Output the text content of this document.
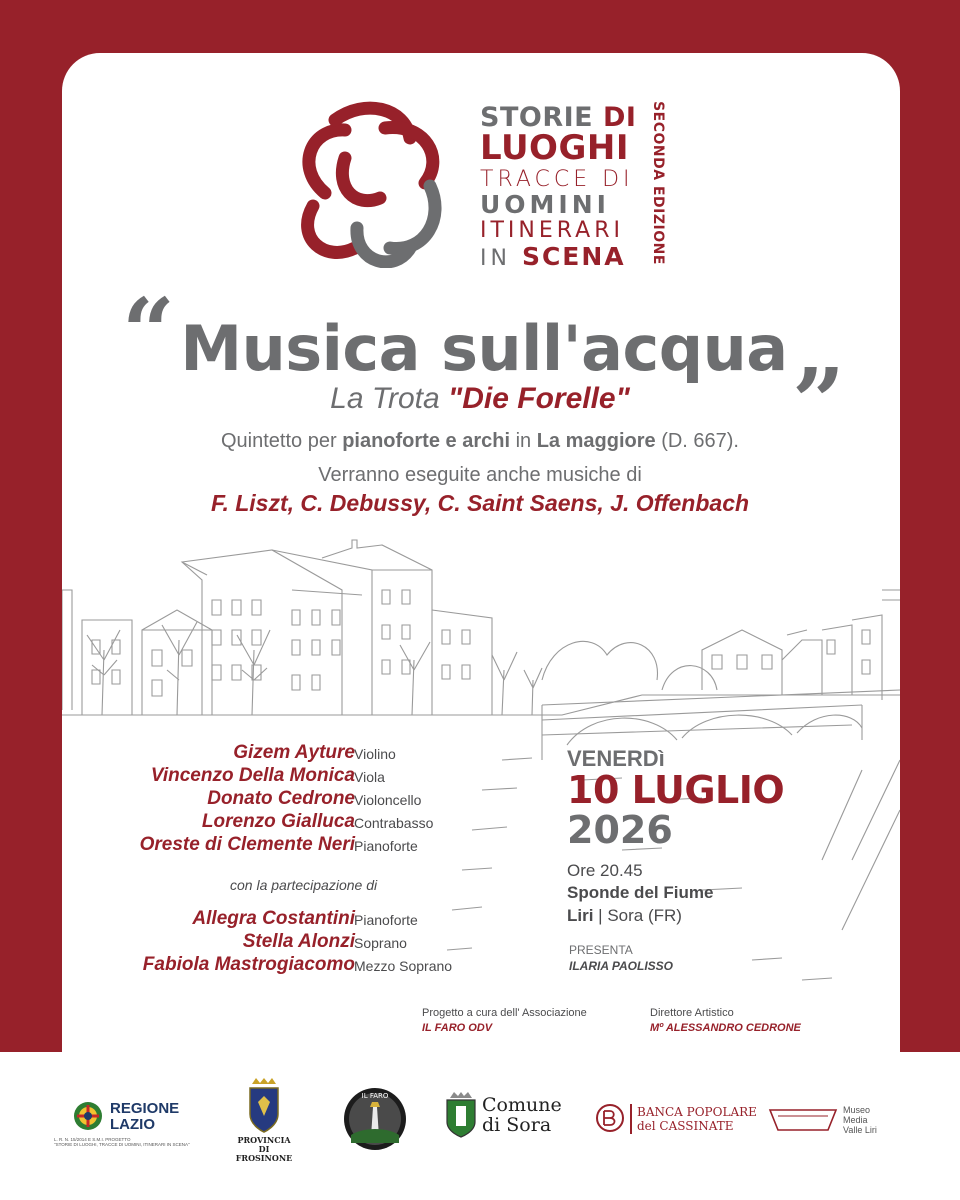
STORIE DI
LUOGHI
TRACCE DI
UOMINI
ITINERARI
IN SCENA	SECONDA EDIZIONE
“ Musica sull'acqua ”
La Trota "Die Forelle"
Quintetto per pianoforte e archi in La maggiore (D. 667).
Verranno eseguite anche musiche di
F. Liszt, C. Debussy, C. Saint Saens, J. Offenbach
Gizem Ayture Violino
Vincenzo Della Monica Viola
Donato Cedrone Violoncello
Lorenzo Gialluca Contrabasso
Oreste di Clemente Neri Pianoforte
con la partecipazione di
Allegra Costantini Pianoforte
Stella Alonzi Soprano
Fabiola Mastrogiacomo Mezzo Soprano
VENERDì
10 LUGLIO
2026
Ore 20.45
Sponde del Fiume
Liri | Sora (FR)
PRESENTA
ILARIA PAOLISSO
Progetto a cura dell' Associazione
IL FARO ODV
Direttore Artistico
Mº ALESSANDRO CEDRONE
REGIONE
LAZIO
L. R. N. 15/2014 E S.M.I. PROGETTO
"STORIE DI LUOGHI, TRACCE DI UOMINI, ITINERARI IN SCENA"	PROVINCIA
DI FROSINONE
IL FARO	Comune
di Sora
BANCA POPOLARE
del CASSINATE
Museo
Media
Valle Liri
